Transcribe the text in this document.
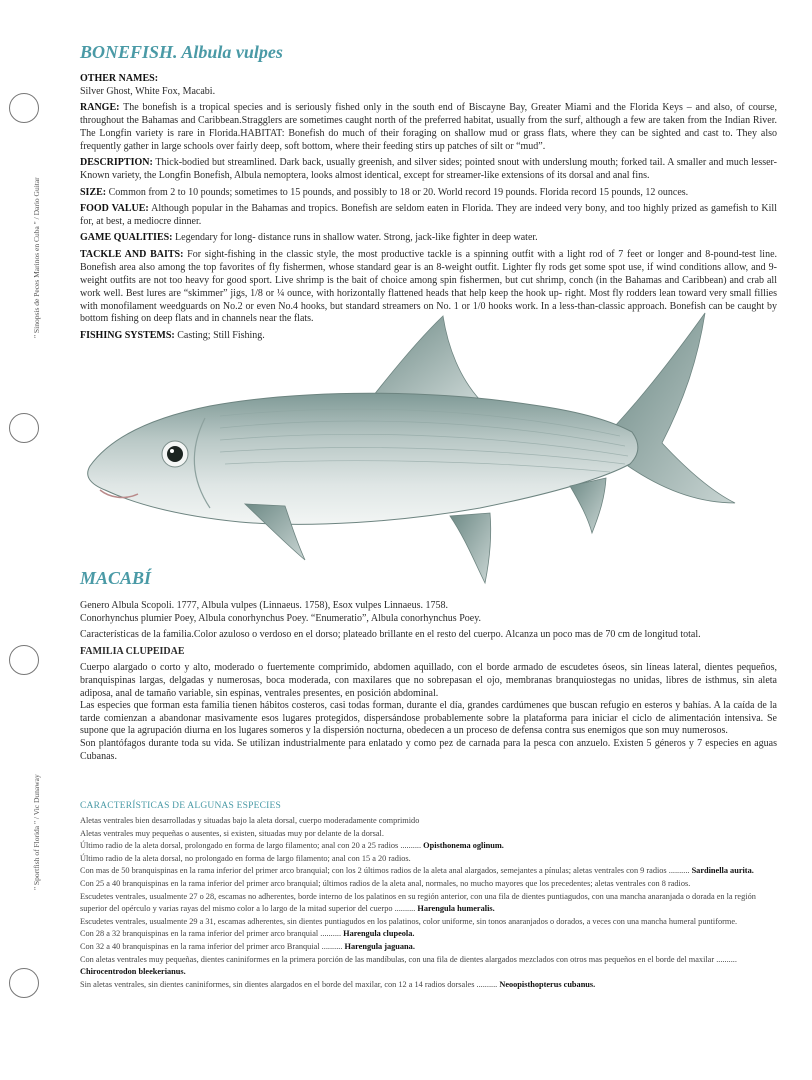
" Sinopsis de Peces Marinos en Cuba " / Dario Guitar
" Sportfish of Florida " / Vic Dunaway
BONEFISH. Albula vulpes

OTHER NAMES:
Silver Ghost, White Fox, Macabi.

RANGE: The bonefish is a tropical species and is seriously fished only in the south end of Biscayne Bay, Greater Miami and the Florida Keys – and also, of course, throughout the Bahamas and Caribbean.Stragglers are sometimes caught north of the preferred habitat, usually from the surf, although a few are taken from the Indian River. The Longfin variety is rare in Florida.HABITAT: Bonefish do much of their foraging on shallow mud or grass flats, where they can be sighted and cast to. They also frequently gather in large schools over fairly deep, soft bottom, where their feeding stirs up patches of silt or “mud”.

DESCRIPTION: Thick-bodied but streamlined. Dark back, usually greenish, and silver sides; pointed snout with underslung mouth; forked tail. A smaller and much lesser-Known variety, the Longfin Bonefish, Albula nemoptera, looks almost identical, except for streamer-like extensions of its dorsal and anal fins.

SIZE: Common from 2 to 10 pounds; sometimes to 15 pounds, and possibly to 18 or 20. World record 19 pounds. Florida record 15 pounds, 12 ounces.

FOOD VALUE: Although popular in the Bahamas and tropics. Bonefish are seldom eaten in Florida. They are indeed very bony, and too highly prized as gamefish to Kill for, at best, a mediocre dinner.

GAME QUALITIES: Legendary for long- distance runs in shallow water. Strong, jack-like fighter in deep water.

TACKLE AND BAITS: For sight-fishing in the classic style, the most productive tackle is a spinning outfit with a light rod of 7 feet or longer and 8-pound-test line. Bonefish area also among the top favorites of fly fishermen, whose standard gear is an 8-weight outfit. Lighter fly rods get some spot use, if wind conditions allow, and 9-weight outfits are not too heavy for good sport. Live shrimp is the bait of choice among spin fishermen, but cut shrimp, conch (in the Bahamas and Caribbean) and crab all work well. Best lures are “skimmer” jigs, 1/8 or ¼ ounce, with horizontally flattened heads that help keep the hook up- right. Most fly rodders lean toward very small fillies with monofilament weedguards on No.2 or even No.4 hooks, but standard streamers on No. 1 or 1/0 hooks work. In a less-than-classic approach. Bonefish can be caught by bottom fishing on deep flats and in channels near the flats.

FISHING SYSTEMS: Casting; Still Fishing.

MACABÍ

Genero Albula Scopoli. 1777, Albula vulpes (Linnaeus. 1758), Esox vulpes Linnaeus. 1758.
Conorhynchus plumier Poey, Albula conorhynchus Poey. “Enumeratio”, Albula conorhynchus Poey.

Características de la familia.Color azuloso o verdoso en el dorso; plateado brillante en el resto del cuerpo. Alcanza un poco mas de 70 cm de longitud total.

FAMILIA CLUPEIDAE

Cuerpo alargado o corto y alto, moderado o fuertemente comprimido, abdomen aquillado, con el borde armado de escudetes óseos, sin líneas lateral, dientes pequeños, branquispinas largas, delgadas y numerosas, boca moderada, con maxilares que no sobrepasan el ojo, membranas branquiostegas no unidas, libres de isthmus, sin aleta adiposa, anal de tamaño variable, sin espinas, ventrales presentes, en posición abdominal.

Las especies que forman esta familia tienen hábitos costeros, casi todas forman, durante el día, grandes cardúmenes que buscan refugio en esteros y bahías. A la caída de la tarde comienzan a abandonar masivamente esos lugares protegidos, dispersándose probablemente sobre la plataforma para iniciar el ciclo de alimentación intensiva. Se supone que la agrupación diurna en los lugares someros y la dispersión nocturna, obedecen a un proceso de defensa contra sus enemigos que son muy numerosos.

Son plantófagos durante toda su vida. Se utilizan industrialmente para enlatado y como pez de carnada para la pesca con anzuelo. Existen 5 géneros y 7 especies en aguas Cubanas.

CARACTERÍSTICAS DE ALGUNAS ESPECIES
Aletas ventrales bien desarrolladas y situadas bajo la aleta dorsal, cuerpo moderadamente comprimido
Aletas ventrales muy pequeñas o ausentes, si existen, situadas muy por delante de la dorsal.
Último radio de la aleta dorsal, prolongado en forma de largo filamento; anal con 20 a 25 radios .......... Opisthonema oglinum.
Último radio de la aleta dorsal, no prolongado en forma de largo filamento; anal con 15 a 20 radios.
Con mas de 50 branquispinas en la rama inferior del primer arco branquial; con los 2 últimos radios de la aleta anal alargados, semejantes a pínulas; aletas ventrales con 9 radios .......... Sardinella aurita.
Con 25 a 40 branquispinas en la rama inferior del primer arco branquial; últimos radios de la aleta anal, normales, no mucho mayores que los precedentes; aletas ventrales con 8 radios.
Escudetes ventrales, usualmente 27 o 28, escamas no adherentes, borde interno de los palatinos en su región anterior, con una fila de dientes puntiagudos, con una mancha anaranjada o dorada en la región superior del opérculo y varias rayas del mismo color a lo largo de la mitad superior del cuerpo .......... Harengula humeralis.
Escudetes ventrales, usualmente 29 a 31, escamas adherentes, sin dientes puntiagudos en los palatinos, color uniforme, sin tonos anaranjados o dorados, a veces con una mancha humeral puntiforme.
Con 28 a 32 branquispinas en la rama inferior del primer arco branquial .......... Harengula clupeola.
Con 32 a 40 branquispinas en la rama inferior del primer arco Branquial .......... Harengula jaguana.
Con aletas ventrales muy pequeñas, dientes caniniformes en la primera porción de las mandíbulas, con una fila de dientes alargados mezclados con otros mas pequeños en el borde del maxilar .......... Chirocentrodon bleekerianus.
Sin aletas ventrales, sin dientes caniniformes, sin dientes alargados en el borde del maxilar, con 12 a 14 radios dorsales .......... Neoopisthopterus cubanus.
